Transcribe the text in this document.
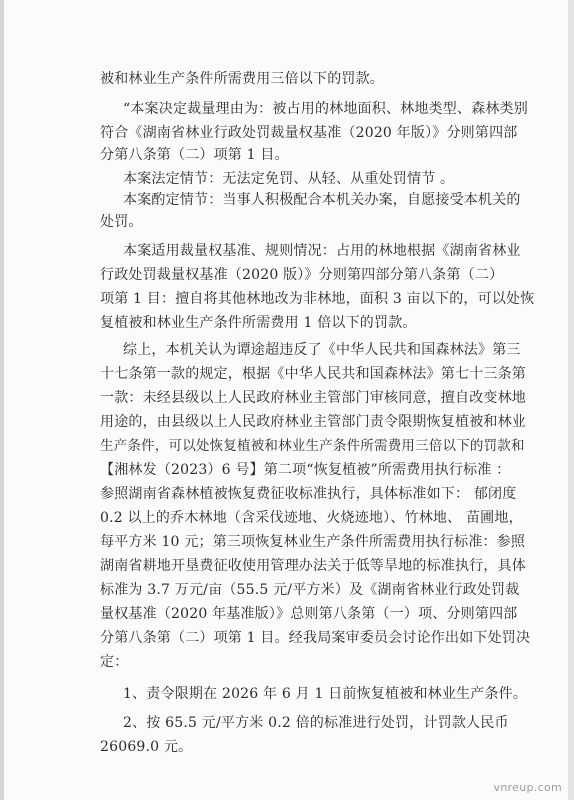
被和林业生产条件所需费用三倍以下的罚款。
“本案决定裁量理由为：被占用的林地面积、林地类型、森林类别
符合《湖南省林业行政处罚裁量权基准（2020 年版）》分则第四部
分第八条第（二）项第 1 目。
本案法定情节：无法定免罚、从轻、从重处罚情节 。
本案酌定情节：当事人积极配合本机关办案，自愿接受本机关的
处罚。
本案适用裁量权基准、规则情况：占用的林地根据《湖南省林业
行政处罚裁量权基准（2020 版）》分则第四部分第八条第（二）
项第 1 目：擅自将其他林地改为非林地，面积 3 亩以下的，可以处恢
复植被和林业生产条件所需费用 1 倍以下的罚款。
综上，本机关认为谭途超违反了《中华人民共和国森林法》第三
十七条第一款的规定，根据《中华人民共和国森林法》第七十三条第
一款：未经县级以上人民政府林业主管部门审核同意，擅自改变林地
用途的，由县级以上人民政府林业主管部门责令限期恢复植被和林业
生产条件，可以处恢复植被和林业生产条件所需费用三倍以下的罚款和
【湘林发（2023）6 号】第二项“恢复植被”所需费用执行标准 ：
参照湖南省森林植被恢复费征收标准执行，具体标准如下： 郁闭度
0.2 以上的乔木林地（含采伐迹地、火烧迹地）、竹林地、 苗圃地，
每平方米 10 元；第三项恢复林业生产条件所需费用执行标准：参照
湖南省耕地开垦费征收使用管理办法关于低等旱地的标准执行，具体
标准为 3.7 万元/亩（55.5 元/平方米）及《湖南省林业行政处罚裁
量权基准（2020 年基准版）》总则第八条第（一）项、分则第四部
分第八条第（二）项第 1 目。经我局案审委员会讨论作出如下处罚决
定：
1、责令限期在 2026 年 6 月 1 日前恢复植被和林业生产条件。
2、按 65.5 元/平方米 0.2 倍的标准进行处罚，计罚款人民币
26069.0 元。
vnreup.com
